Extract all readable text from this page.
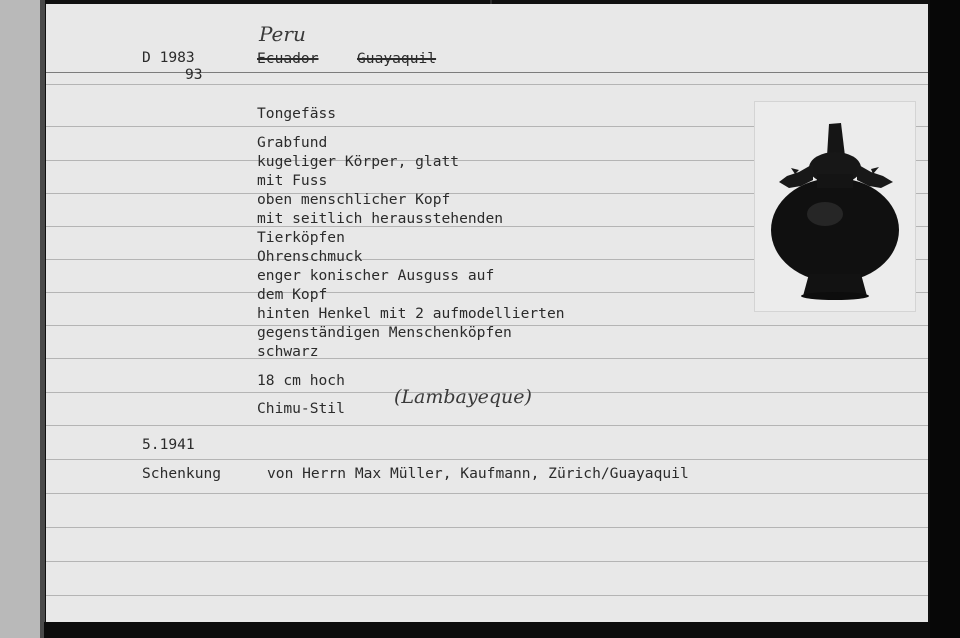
D 1983
93
Peru
Ecuador	Guayaquil
Tongefäss
Grabfund
kugeliger Körper, glatt
mit Fuss
oben menschlicher Kopf
mit seitlich herausstehenden
Tierköpfen
Ohrenschmuck
enger konischer Ausguss auf
dem Kopf
hinten Henkel mit 2 aufmodellierten
gegenständigen Menschenköpfen
schwarz
18 cm hoch
Chimu-Stil
(Lambayeque)
5.1941
Schenkung	von Herrn Max Müller, Kaufmann, Zürich/Guayaquil
